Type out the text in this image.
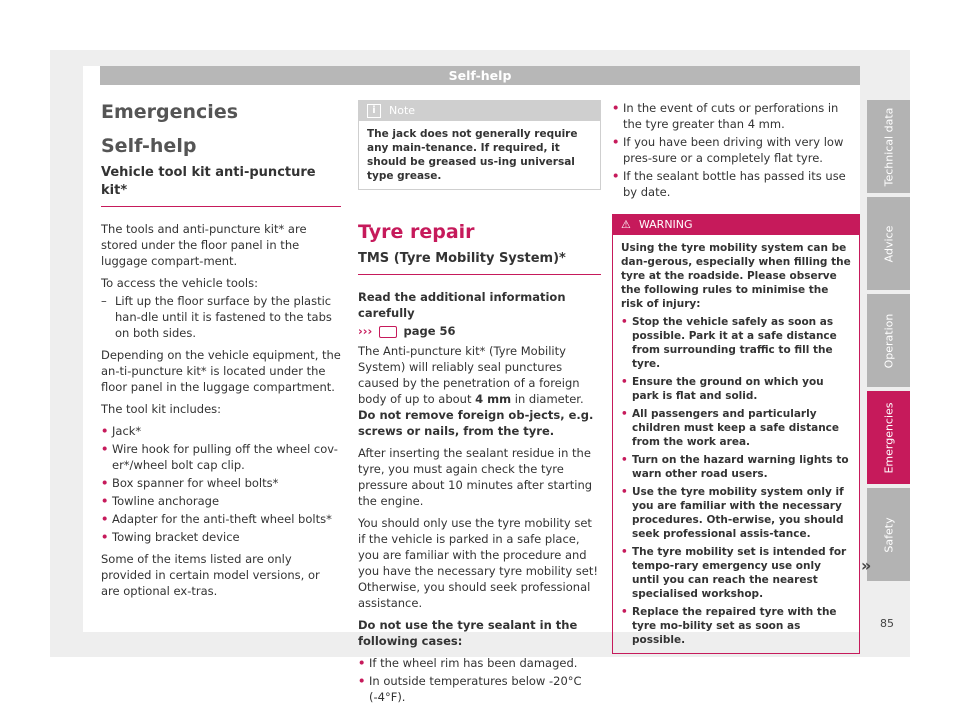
Self-help
Technical data
Advice
Operation
Emergencies
Safety
Emergencies
Self-help
Vehicle tool kit anti-puncture kit*

The tools and anti-puncture kit* are stored under the floor panel in the luggage compart-ment.

To access the vehicle tools:

– Lift up the floor surface by the plastic han-dle until it is fastened to the tabs on both sides.

Depending on the vehicle equipment, the an-ti-puncture kit* is located under the floor panel in the luggage compartment.

The tool kit includes:

• Jack*
• Wire hook for pulling off the wheel cov-er*/wheel bolt cap clip.
• Box spanner for wheel bolts*
• Towline anchorage
• Adapter for the anti-theft wheel bolts*
• Towing bracket device

Some of the items listed are only provided in certain model versions, or are optional ex-tras.

i	Note
The jack does not generally require any main-tenance. If required, it should be greased us-ing universal type grease.
Tyre repair
TMS (Tyre Mobility System)*

Read the additional information carefully

›››	page 56

The Anti-puncture kit* (Tyre Mobility System) will reliably seal punctures caused by the penetration of a foreign body of up to about 4 mm in diameter. Do not remove foreign ob-jects, e.g. screws or nails, from the tyre.

After inserting the sealant residue in the tyre, you must again check the tyre pressure about 10 minutes after starting the engine.

You should only use the tyre mobility set if the vehicle is parked in a safe place, you are familiar with the procedure and you have the necessary tyre mobility set! Otherwise, you should seek professional assistance.

Do not use the tyre sealant in the following cases:

• If the wheel rim has been damaged.
• In outside temperatures below -20°C (-4°F).
• In the event of cuts or perforations in the tyre greater than 4 mm.
• If you have been driving with very low pres-sure or a completely flat tyre.
• If the sealant bottle has passed its use by date.
⚠ WARNING

Using the tyre mobility system can be dan-gerous, especially when filling the tyre at the roadside. Please observe the following rules to minimise the risk of injury:

• Stop the vehicle safely as soon as possible. Park it at a safe distance from surrounding traffic to fill the tyre.
• Ensure the ground on which you park is flat and solid.
• All passengers and particularly children must keep a safe distance from the work area.
• Turn on the hazard warning lights to warn other road users.
• Use the tyre mobility system only if you are familiar with the necessary procedures. Oth-erwise, you should seek professional assis-tance.
• The tyre mobility set is intended for tempo-rary emergency use only until you can reach the nearest specialised workshop.
• Replace the repaired tyre with the tyre mo-bility set as soon as possible.
»
85
